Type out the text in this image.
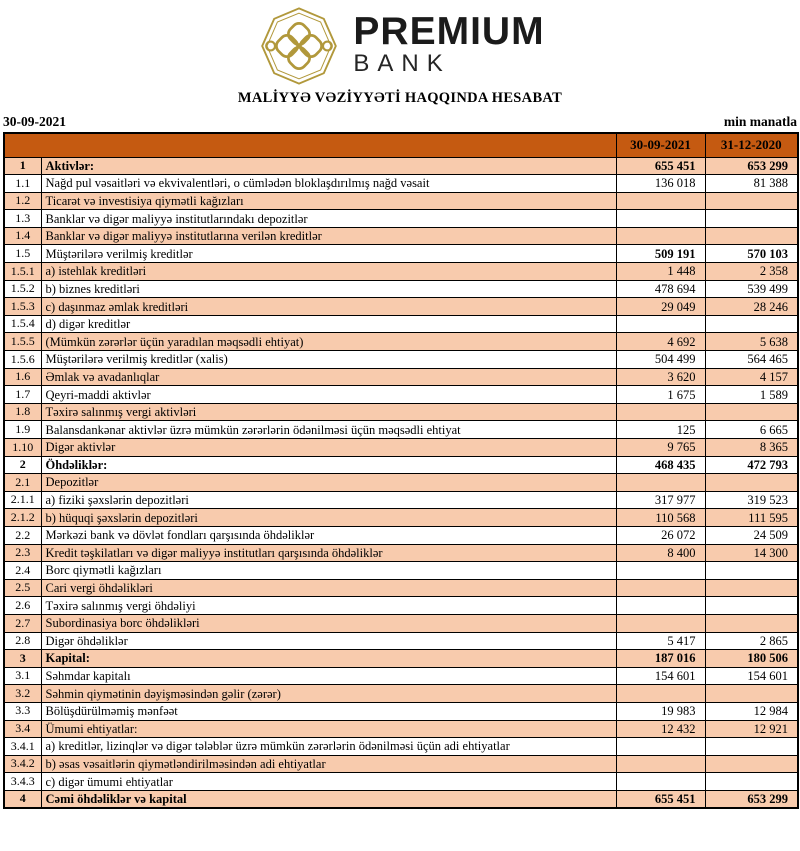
PREMIUM
BANK
MALİYYƏ VƏZİYYƏTİ HAQQINDA HESABAT
30-09-2021	min manatla
		30-09-2021	31-12-2020
1	Aktivlər:	655 451	653 299
1.1	Nağd pul vəsaitləri və ekvivalentləri, o cümlədən bloklaşdırılmış nağd vəsait	136 018	81 388
1.2	Ticarət və investisiya qiymətli kağızları		
1.3	Banklar və digər maliyyə institutlarındakı depozitlər		
1.4	Banklar və digər maliyyə institutlarına verilən kreditlər		
1.5	Müştərilərə verilmiş kreditlər	509 191	570 103
1.5.1	a) istehlak kreditləri	1 448	2 358
1.5.2	b) biznes kreditləri	478 694	539 499
1.5.3	c) daşınmaz əmlak kreditləri	29 049	28 246
1.5.4	d) digər kreditlər		
1.5.5	(Mümkün zərərlər üçün yaradılan məqsədli ehtiyat)	4 692	5 638
1.5.6	Müştərilərə verilmiş kreditlər (xalis)	504 499	564 465
1.6	Əmlak və avadanlıqlar	3 620	4 157
1.7	Qeyri-maddi aktivlər	1 675	1 589
1.8	Təxirə salınmış vergi aktivləri		
1.9	Balansdankənar aktivlər üzrə mümkün zərərlərin ödənilməsi üçün məqsədli ehtiyat	125	6 665
1.10	Digər aktivlər	9 765	8 365
2	Öhdəliklər:	468 435	472 793
2.1	Depozitlər		
2.1.1	a) fiziki şəxslərin depozitləri	317 977	319 523
2.1.2	b) hüquqi şəxslərin depozitləri	110 568	111 595
2.2	Mərkəzi bank və dövlət fondları qarşısında öhdəliklər	26 072	24 509
2.3	Kredit təşkilatları və digər maliyyə institutları qarşısında öhdəliklər	8 400	14 300
2.4	Borc qiymətli kağızları		
2.5	Cari vergi öhdəlikləri		
2.6	Təxirə salınmış vergi öhdəliyi		
2.7	Subordinasiya borc öhdəlikləri		
2.8	Digər öhdəliklər	5 417	2 865
3	Kapital:	187 016	180 506
3.1	Səhmdar kapitalı	154 601	154 601
3.2	Səhmin qiymətinin dəyişməsindən gəlir (zərər)		
3.3	Bölüşdürülməmiş mənfəət	19 983	12 984
3.4	Ümumi ehtiyatlar:	12 432	12 921
3.4.1	a) kreditlər, lizinqlər və digər tələblər üzrə mümkün zərərlərin ödənilməsi üçün adi ehtiyatlar		
3.4.2	b) əsas vəsaitlərin qiymətləndirilməsindən adi ehtiyatlar		
3.4.3	c) digər ümumi ehtiyatlar		
4	Cəmi öhdəliklər və kapital	655 451	653 299
